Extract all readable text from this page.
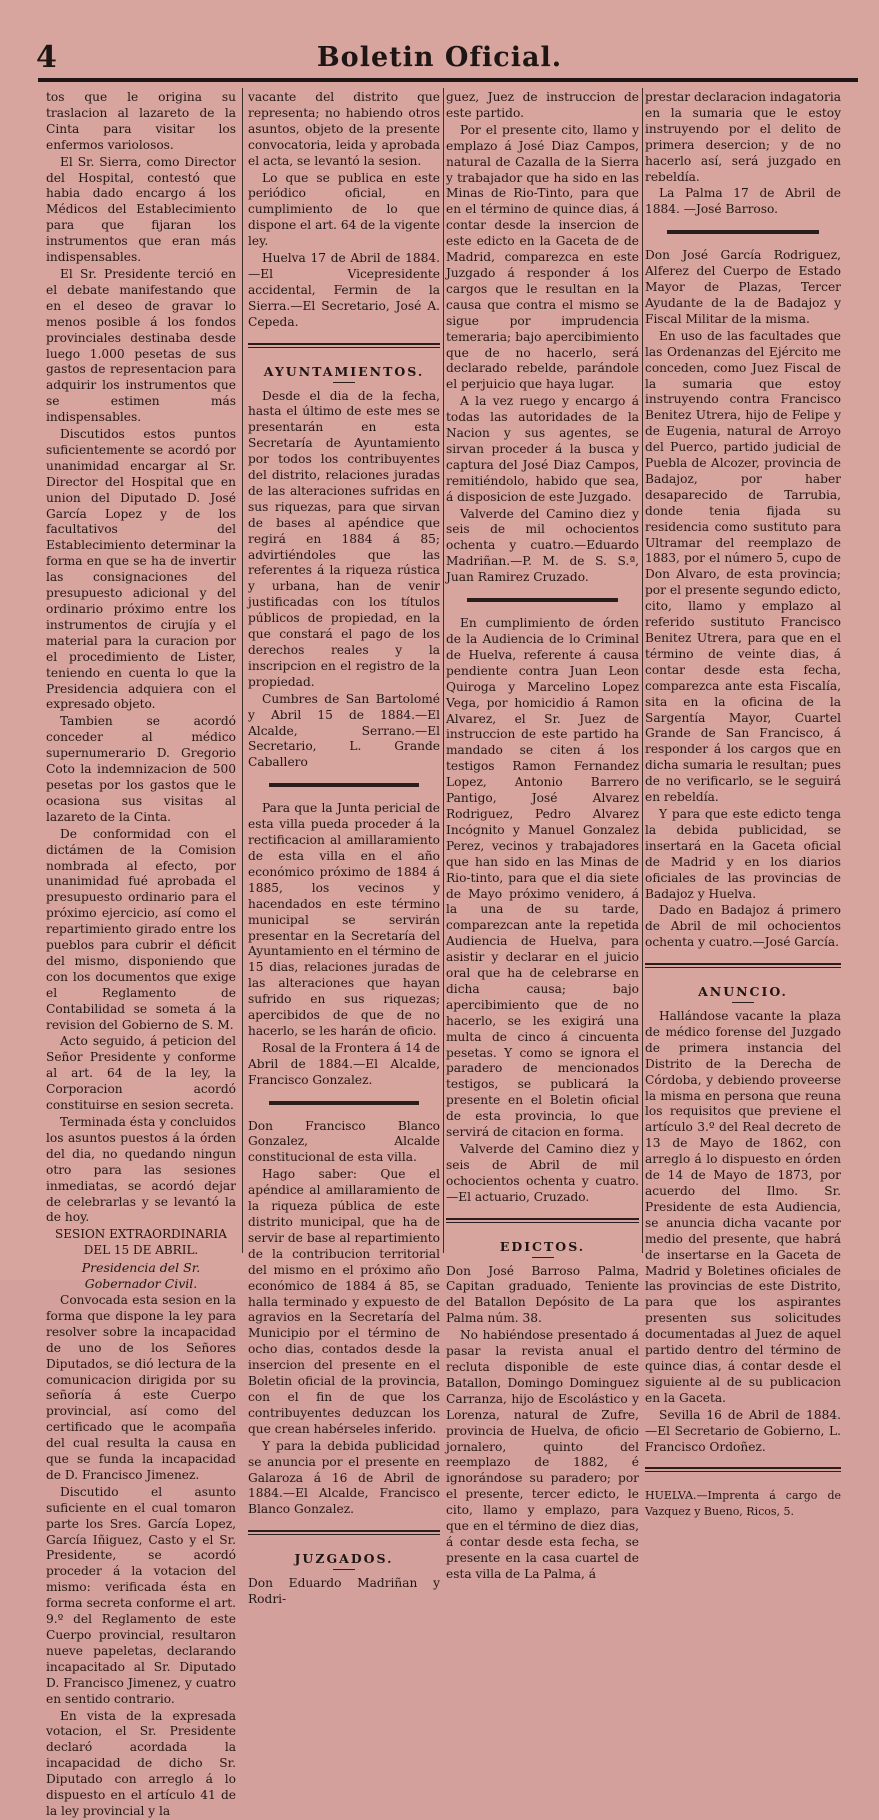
4	Boletin Oficial.

tos que le origina su traslacion al lazareto de la Cinta para visitar los enfermos variolosos.

El Sr. Sierra, como Director del Hospital, contestó que habia dado encargo á los Médicos del Establecimiento para que fijaran los instrumentos que eran más indispensables.

El Sr. Presidente terció en el debate manifestando que en el deseo de gravar lo menos posible á los fondos provinciales destinaba desde luego 1.000 pesetas de sus gastos de representacion para adquirir los instrumentos que se estimen más indispensables.

Discutidos estos puntos suficientemente se acordó por unanimidad encargar al Sr. Director del Hospital que en union del Diputado D. José García Lopez y de los facultativos del Establecimiento determinar la forma en que se ha de invertir las consignaciones del presupuesto adicional y del ordinario próximo entre los instrumentos de cirujía y el material para la curacion por el procedimiento de Lister, teniendo en cuenta lo que la Presidencia adquiera con el expresado objeto.

Tambien se acordó conceder al médico supernumerario D. Gregorio Coto la indemnizacion de 500 pesetas por los gastos que le ocasiona sus visitas al lazareto de la Cinta.

De conformidad con el dictámen de la Comision nombrada al efecto, por unanimidad fué aprobada el presupuesto ordinario para el próximo ejercicio, así como el repartimiento girado entre los pueblos para cubrir el déficit del mismo, disponiendo que con los documentos que exige el Reglamento de Contabilidad se someta á la revision del Gobierno de S. M.

Acto seguido, á peticion del Señor Presidente y conforme al art. 64 de la ley, la Corporacion acordó constituirse en sesion secreta.

Terminada ésta y concluidos los asuntos puestos á la órden del dia, no quedando ningun otro para las sesiones inmediatas, se acordó dejar de celebrarlas y se levantó la de hoy.

SESION EXTRAORDINARIA DEL 15 DE ABRIL.

Presidencia del Sr. Gobernador Civil.

Convocada esta sesion en la forma que dispone la ley para resolver sobre la incapacidad de uno de los Señores Diputados, se dió lectura de la comunicacion dirigida por su señoría á este Cuerpo provincial, así como del certificado que le acompaña del cual resulta la causa en que se funda la incapacidad de D. Francisco Jimenez.

Discutido el asunto suficiente en el cual tomaron parte los Sres. García Lopez, García Iñiguez, Casto y el Sr. Presidente, se acordó proceder á la votacion del mismo: verificada ésta en forma secreta conforme el art. 9.º del Reglamento de este Cuerpo provincial, resultaron nueve papeletas, declarando incapacitado al Sr. Diputado D. Francisco Jimenez, y cuatro en sentido contrario.

En vista de la expresada votacion, el Sr. Presidente declaró acordada la incapacidad de dicho Sr. Diputado con arreglo á lo dispuesto en el artículo 41 de la ley provincial y la

vacante del distrito que representa; no habiendo otros asuntos, objeto de la presente convocatoria, leida y aprobada el acta, se levantó la sesion.

Lo que se publica en este periódico oficial, en cumplimiento de lo que dispone el art. 64 de la vigente ley.

Huelva 17 de Abril de 1884.—El Vicepresidente accidental, Fermin de la Sierra.—El Secretario, José A. Cepeda.

AYUNTAMIENTOS.

Desde el dia de la fecha, hasta el último de este mes se presentarán en esta Secretaría de Ayuntamiento por todos los contribuyentes del distrito, relaciones juradas de las alteraciones sufridas en sus riquezas, para que sirvan de bases al apéndice que regirá en 1884 á 85; advirtiéndoles que las referentes á la riqueza rústica y urbana, han de venir justificadas con los títulos públicos de propiedad, en la que constará el pago de los derechos reales y la inscripcion en el registro de la propiedad.

Cumbres de San Bartolomé y Abril 15 de 1884.—El Alcalde, Serrano.—El Secretario, L. Grande Caballero

Para que la Junta pericial de esta villa pueda proceder á la rectificacion al amillaramiento de esta villa en el año económico próximo de 1884 á 1885, los vecinos y hacendados en este término municipal se servirán presentar en la Secretaría del Ayuntamiento en el término de 15 dias, relaciones juradas de las alteraciones que hayan sufrido en sus riquezas; apercibidos de que de no hacerlo, se les harán de oficio.

Rosal de la Frontera á 14 de Abril de 1884.—El Alcalde, Francisco Gonzalez.

Don Francisco Blanco Gonzalez, Alcalde constitucional de esta villa.

Hago saber: Que el apéndice al amillaramiento de la riqueza pública de este distrito municipal, que ha de servir de base al repartimiento de la contribucion territorial del mismo en el próximo año económico de 1884 á 85, se halla terminado y expuesto de agravios en la Secretaría del Municipio por el término de ocho dias, contados desde la insercion del presente en el Boletin oficial de la provincia, con el fin de que los contribuyentes deduzcan los que crean habérseles inferido.

Y para la debida publicidad se anuncia por el presente en Galaroza á 16 de Abril de 1884.—El Alcalde, Francisco Blanco Gonzalez.

JUZGADOS.

Don Eduardo Madriñan y Rodri-

guez, Juez de instruccion de este partido.

Por el presente cito, llamo y emplazo á José Diaz Campos, natural de Cazalla de la Sierra y trabajador que ha sido en las Minas de Rio-Tinto, para que en el término de quince dias, á contar desde la insercion de este edicto en la Gaceta de de Madrid, comparezca en este Juzgado á responder á los cargos que le resultan en la causa que contra el mismo se sigue por imprudencia temeraria; bajo apercibimiento que de no hacerlo, será declarado rebelde, parándole el perjuicio que haya lugar.

A la vez ruego y encargo á todas las autoridades de la Nacion y sus agentes, se sirvan proceder á la busca y captura del José Diaz Campos, remitiéndolo, habido que sea, á disposicion de este Juzgado.

Valverde del Camino diez y seis de mil ochocientos ochenta y cuatro.—Eduardo Madriñan.—P. M. de S. S.ª, Juan Ramirez Cruzado.

En cumplimiento de órden de la Audiencia de lo Criminal de Huelva, referente á causa pendiente contra Juan Leon Quiroga y Marcelino Lopez Vega, por homicidio á Ramon Alvarez, el Sr. Juez de instruccion de este partido ha mandado se citen á los testigos Ramon Fernandez Lopez, Antonio Barrero Pantigo, José Alvarez Rodriguez, Pedro Alvarez Incógnito y Manuel Gonzalez Perez, vecinos y trabajadores que han sido en las Minas de Rio-tinto, para que el dia siete de Mayo próximo venidero, á la una de su tarde, comparezcan ante la repetida Audiencia de Huelva, para asistir y declarar en el juicio oral que ha de celebrarse en dicha causa; bajo apercibimiento que de no hacerlo, se les exigirá una multa de cinco á cincuenta pesetas. Y como se ignora el paradero de mencionados testigos, se publicará la presente en el Boletin oficial de esta provincia, lo que servirá de citacion en forma.

Valverde del Camino diez y seis de Abril de mil ochocientos ochenta y cuatro.—El actuario, Cruzado.

EDICTOS.

Don José Barroso Palma, Capitan graduado, Teniente del Batallon Depósito de La Palma núm. 38.

No habiéndose presentado á pasar la revista anual el recluta disponible de este Batallon, Domingo Dominguez Carranza, hijo de Escolástico y Lorenza, natural de Zufre, provincia de Huelva, de oficio jornalero, quinto del reemplazo de 1882, é ignorándose su paradero; por el presente, tercer edicto, le cito, llamo y emplazo, para que en el término de diez dias, á contar desde esta fecha, se presente en la casa cuartel de esta villa de La Palma, á

prestar declaracion indagatoria en la sumaria que le estoy instruyendo por el delito de primera desercion; y de no hacerlo así, será juzgado en rebeldía.

La Palma 17 de Abril de 1884. —José Barroso.

Don José García Rodriguez, Alferez del Cuerpo de Estado Mayor de Plazas, Tercer Ayudante de la de Badajoz y Fiscal Militar de la misma.

En uso de las facultades que las Ordenanzas del Ejército me conceden, como Juez Fiscal de la sumaria que estoy instruyendo contra Francisco Benitez Utrera, hijo de Felipe y de Eugenia, natural de Arroyo del Puerco, partido judicial de Puebla de Alcozer, provincia de Badajoz, por haber desaparecido de Tarrubia, donde tenia fijada su residencia como sustituto para Ultramar del reemplazo de 1883, por el número 5, cupo de Don Alvaro, de esta provincia; por el presente segundo edicto, cito, llamo y emplazo al referido sustituto Francisco Benitez Utrera, para que en el término de veinte dias, á contar desde esta fecha, comparezca ante esta Fiscalía, sita en la oficina de la Sargentía Mayor, Cuartel Grande de San Francisco, á responder á los cargos que en dicha sumaria le resultan; pues de no verificarlo, se le seguirá en rebeldía.

Y para que este edicto tenga la debida publicidad, se insertará en la Gaceta oficial de Madrid y en los diarios oficiales de las provincias de Badajoz y Huelva.

Dado en Badajoz á primero de Abril de mil ochocientos ochenta y cuatro.—José García.

ANUNCIO.

Hallándose vacante la plaza de médico forense del Juzgado de primera instancia del Distrito de la Derecha de Córdoba, y debiendo proveerse la misma en persona que reuna los requisitos que previene el artículo 3.º del Real decreto de 13 de Mayo de 1862, con arreglo á lo dispuesto en órden de 14 de Mayo de 1873, por acuerdo del Ilmo. Sr. Presidente de esta Audiencia, se anuncia dicha vacante por medio del presente, que habrá de insertarse en la Gaceta de Madrid y Boletines oficiales de las provincias de este Distrito, para que los aspirantes presenten sus solicitudes documentadas al Juez de aquel partido dentro del término de quince dias, á contar desde el siguiente al de su publicacion en la Gaceta.

Sevilla 16 de Abril de 1884.—El Secretario de Gobierno, L. Francisco Ordoñez.

HUELVA.—Imprenta á cargo de Vazquez y Bueno, Ricos, 5.
